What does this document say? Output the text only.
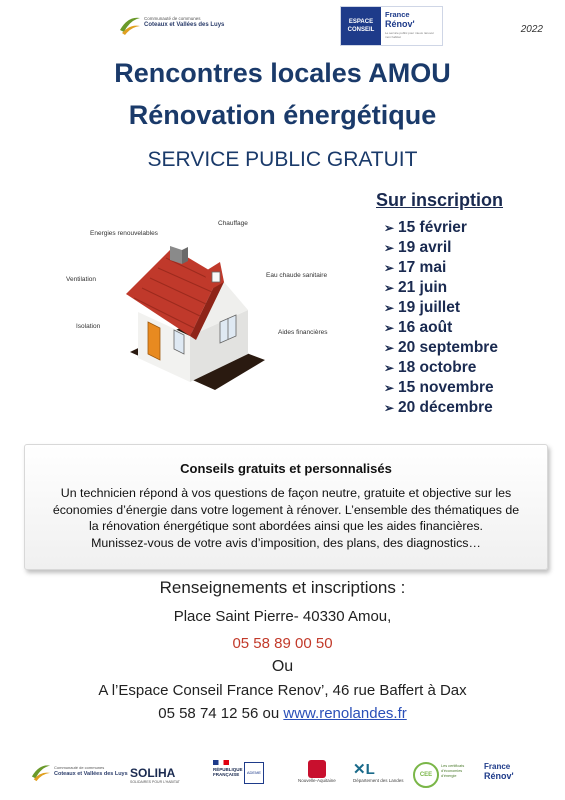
Communauté de communes
Coteaux et Vallées des Luys	ESPACE CONSEIL
France
Rénov'
Le service public pour mieux rénover mon habitat
2022
Rencontres locales AMOU
Rénovation énergétique
SERVICE PUBLIC GRATUIT
Chauffage
Energies renouvelables
Eau chaude sanitaire
Ventilation
Isolation
Aides financières
Sur inscription
➢ 15 février
➢ 19 avril
➢ 17 mai
➢ 21 juin
➢ 19 juillet
➢ 16 août
➢ 20 septembre
➢ 18 octobre
➢ 15 novembre
➢ 20 décembre
Conseils gratuits et personnalisés
Un technicien répond à vos questions de façon neutre, gratuite et objective sur les
économies d’énergie dans votre logement à rénover. L’ensemble des thématiques de
la rénovation énergétique sont abordées ainsi que les aides financières.
Munissez-vous de votre avis d’imposition, des plans, des diagnostics…
Renseignements et inscriptions :
Place Saint Pierre- 40330 Amou,
05 58 89 00 50
Ou
A l’Espace Conseil France Renov’, 46 rue Baffert à Dax
05 58 74 12 56 ou www.renolandes.fr
Communauté de communes
Coteaux et Vallées des Luys SOLIHA
SOLIDAIRES POUR L'HABITAT
RÉPUBLIQUE FRANÇAISE	ADEME
Nouvelle-Aquitaine
✕L
Département des Landes
CEE
Les certificats d'économies d'énergie
France
Rénov'
